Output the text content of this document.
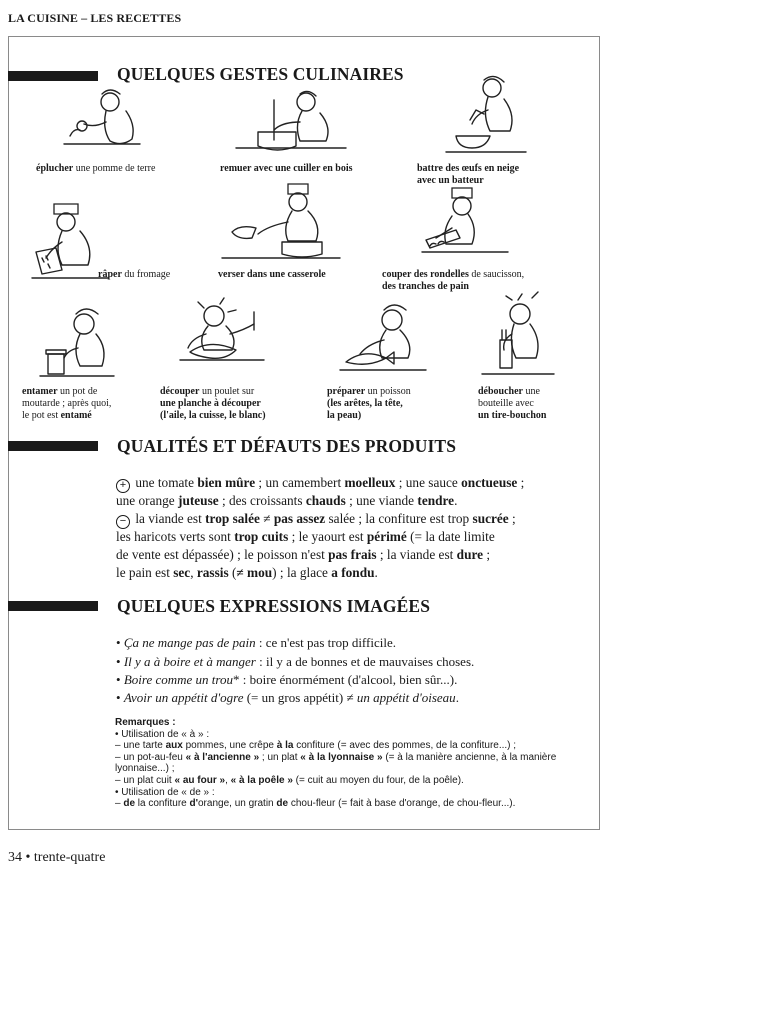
LA CUISINE – LES RECETTES
QUELQUES GESTES CULINAIRES
éplucher une pomme de terre	remuer avec une cuiller en bois	battre des œufs en neige
avec un batteur
râper du fromage	verser dans une casserole	couper des rondelles de saucisson,
des tranches de pain
entamer un pot de
moutarde ; après quoi,
le pot est entamé
découper un poulet sur
une planche à découper
(l'aile, la cuisse, le blanc)
préparer un poisson
(les arêtes, la tête,
la peau)
déboucher une
bouteille avec
un tire-bouchon
QUALITÉS ET DÉFAUTS DES PRODUITS
+ une tomate bien mûre ; un camembert moelleux ; une sauce onctueuse ;
une orange juteuse ; des croissants chauds ; une viande tendre.
− la viande est trop salée ≠ pas assez salée ; la confiture est trop sucrée ;
les haricots verts sont trop cuits ; le yaourt est périmé (= la date limite
de vente est dépassée) ; le poisson n'est pas frais ; la viande est dure ;
le pain est sec, rassis (≠ mou) ; la glace a fondu.
QUELQUES EXPRESSIONS IMAGÉES
• Ça ne mange pas de pain : ce n'est pas trop difficile.
• Il y a à boire et à manger : il y a de bonnes et de mauvaises choses.
• Boire comme un trou* : boire énormément (d'alcool, bien sûr...).
• Avoir un appétit d'ogre (= un gros appétit) ≠ un appétit d'oiseau.
Remarques :
• Utilisation de « à » :
– une tarte aux pommes, une crêpe à la confiture (= avec des pommes, de la confiture...) ;
– un pot-au-feu « à l'ancienne » ; un plat « à la lyonnaise » (= à la manière ancienne, à la manière
lyonnaise...) ;
– un plat cuit « au four », « à la poêle » (= cuit au moyen du four, de la poêle).
• Utilisation de « de » :
– de la confiture d'orange, un gratin de chou-fleur (= fait à base d'orange, de chou-fleur...).
34 • trente-quatre
